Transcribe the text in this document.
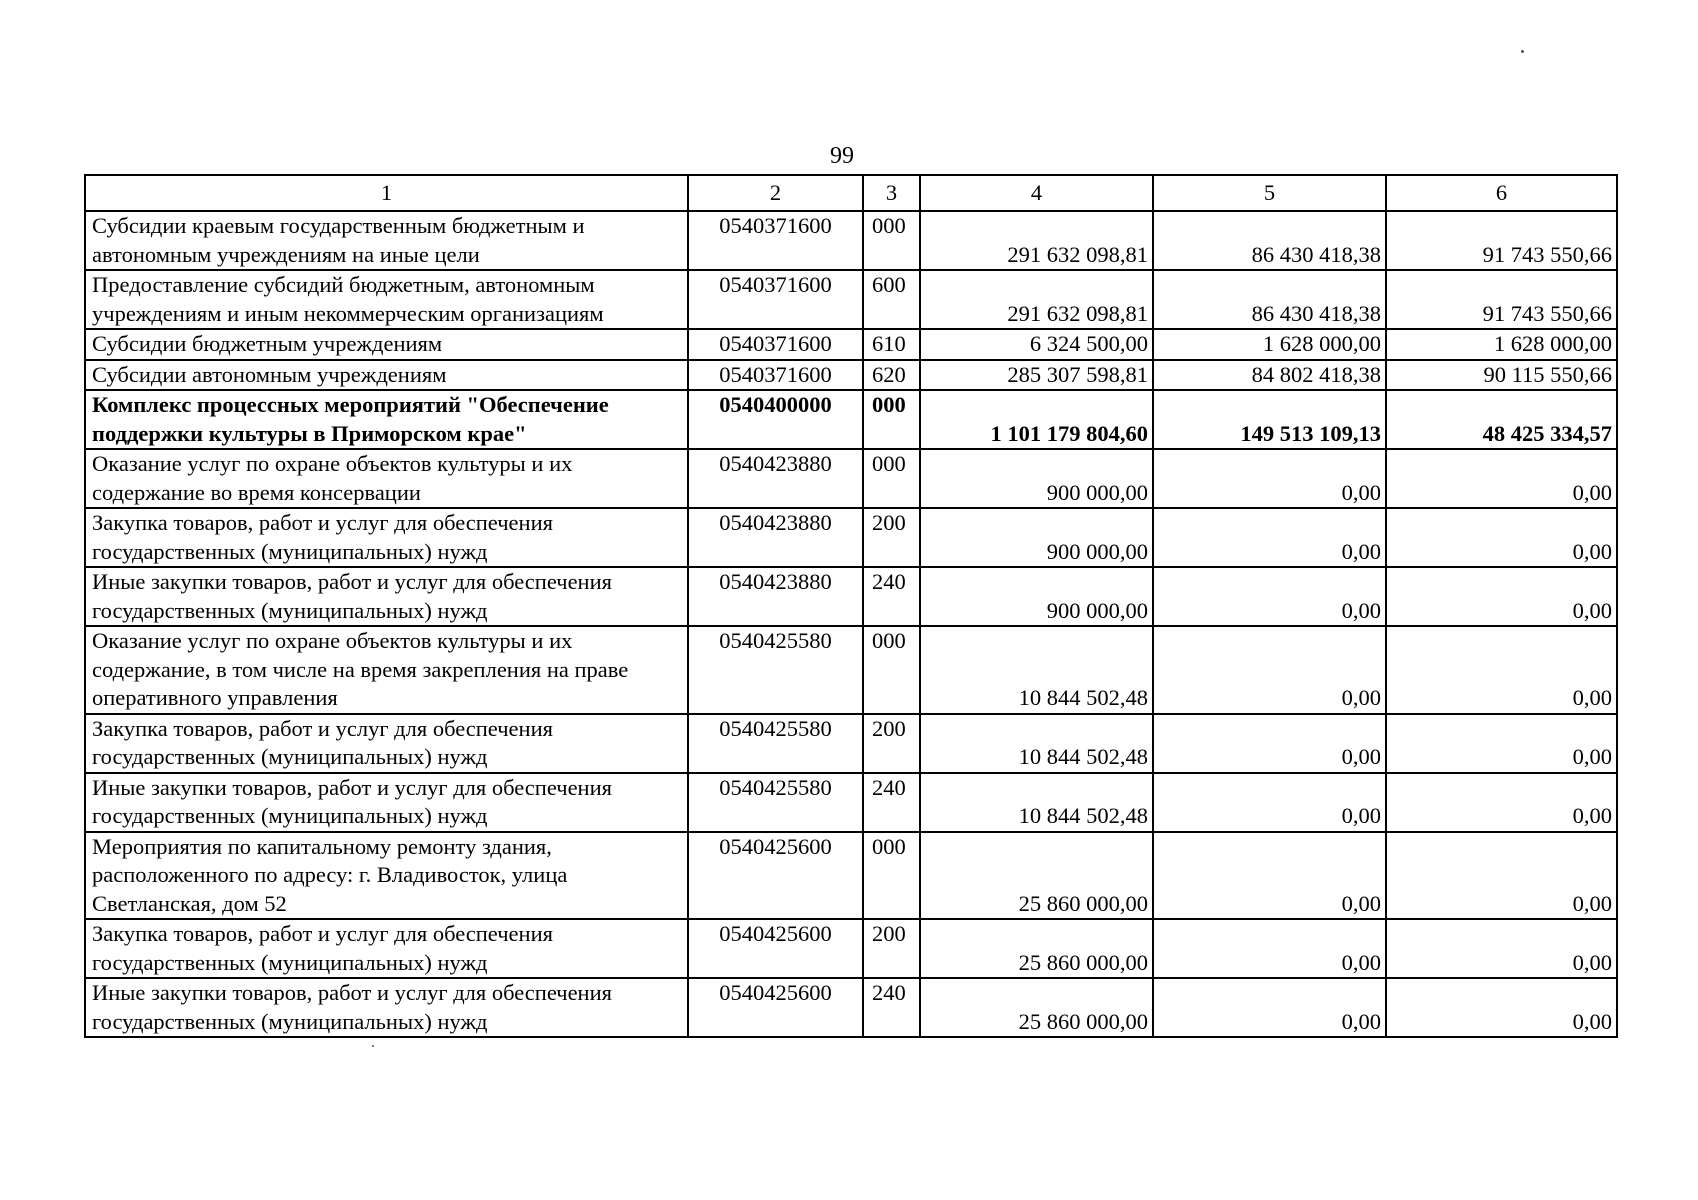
99
1	2	3	4	5	6
Субсидии краевым государственным бюджетным и автономным учреждениям на иные цели	0540371600	000	291 632 098,81	86 430 418,38	91 743 550,66
Предоставление субсидий бюджетным, автономным учреждениям и иным некоммерческим организациям	0540371600	600	291 632 098,81	86 430 418,38	91 743 550,66
Субсидии бюджетным учреждениям	0540371600	610	6 324 500,00	1 628 000,00	1 628 000,00
Субсидии автономным учреждениям	0540371600	620	285 307 598,81	84 802 418,38	90 115 550,66
Комплекс процессных мероприятий "Обеспечение поддержки культуры в Приморском крае"	0540400000	000	1 101 179 804,60	149 513 109,13	48 425 334,57
Оказание услуг по охране объектов культуры и их содержание во время консервации	0540423880	000	900 000,00	0,00	0,00
Закупка товаров, работ и услуг для обеспечения государственных (муниципальных) нужд	0540423880	200	900 000,00	0,00	0,00
Иные закупки товаров, работ и услуг для обеспечения государственных (муниципальных) нужд	0540423880	240	900 000,00	0,00	0,00
Оказание услуг по охране объектов культуры и их содержание, в том числе на время закрепления на праве оперативного управления	0540425580	000	10 844 502,48	0,00	0,00
Закупка товаров, работ и услуг для обеспечения государственных (муниципальных) нужд	0540425580	200	10 844 502,48	0,00	0,00
Иные закупки товаров, работ и услуг для обеспечения государственных (муниципальных) нужд	0540425580	240	10 844 502,48	0,00	0,00
Мероприятия по капитальному ремонту здания, расположенного по адресу: г. Владивосток, улица Светланская, дом 52	0540425600	000	25 860 000,00	0,00	0,00
Закупка товаров, работ и услуг для обеспечения государственных (муниципальных) нужд	0540425600	200	25 860 000,00	0,00	0,00
Иные закупки товаров, работ и услуг для обеспечения государственных (муниципальных) нужд	0540425600	240	25 860 000,00	0,00	0,00
